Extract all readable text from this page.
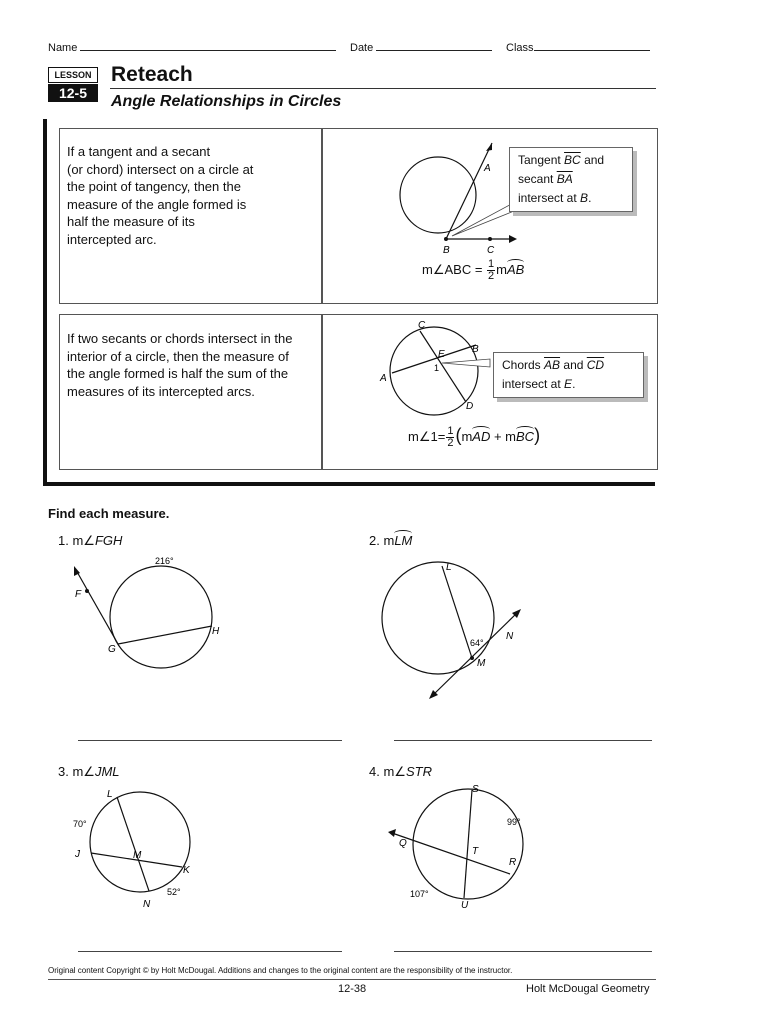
Name	Date	Class
LESSON
12-5
Reteach
Angle Relationships in Circles
If a tangent and a secant
(or chord) intersect on a circle at
the point of tangency, then the
measure of the angle formed is
half the measure of its
intercepted arc.
A
B	C
Tangent $\overline{BC}$ and
secant $\overline{BA}$
intersect at B.
m∠ABC = $\frac{1}{2}$ mAB
If two secants or chords intersect in the
interior of a circle, then the measure of
the angle formed is half the sum of the
measures of its intercepted arcs.
C
B
E
1
A
D
Chords $\overline{AB}$ and $\overline{CD}$
intersect at E.
m∠1= $\frac{1}{2} (mAD + mBC)$
Find each measure.
1. m∠FGH
216°
F
G
H
2. mLM
L
64°
N
M
3. m∠JML
L
70°
J	M
K
52°
N
4. m∠STR
S
99°
Q
T
R
107°
U
Original content Copyright © by Holt McDougal. Additions and changes to the original content are the responsibility of the instructor.
12-38	Holt McDougal Geometry
